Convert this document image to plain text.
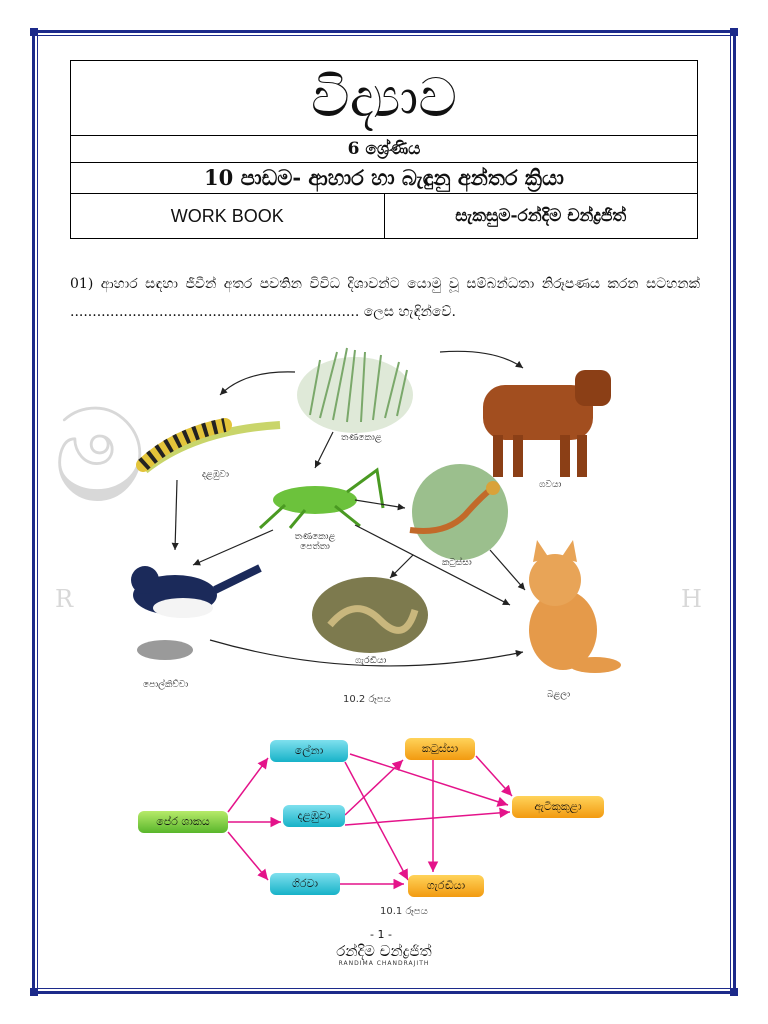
විද්‍යාව
6 ශ්‍රේණිය
10 පාඩම- ආහාර හා බැඳුනු අන්තර ක්‍රියා
WORK BOOK	සැකසුම-රන්දිම චන්ද්‍රජිත්
01) ආහාර සඳහා ජීවීන් අතර පවතින විවිධ දිශාවන්ට යොමු වූ සම්බන්ධතා නිරූපණය කරන සටහනක් ................................................................. ලෙස හැඳින්වේ.
ම
R	H
තණකොළ
දළඹුවා
ගවයා
තණකොළ පෙත්තා
කටුස්සා
පොල්කිච්චා
ගැරඬියා
බළලා
10.2 රූපය
ලේනා	කටුස්සා
පේර ශාකය	දළඹුවා
ඇටිකුකුළා
ගිරවා	ගැරඬියා
10.1 රූපය
- 1 -
රන්දිම චන්ද්‍රජිත්
RANDIMA CHANDRAJITH
